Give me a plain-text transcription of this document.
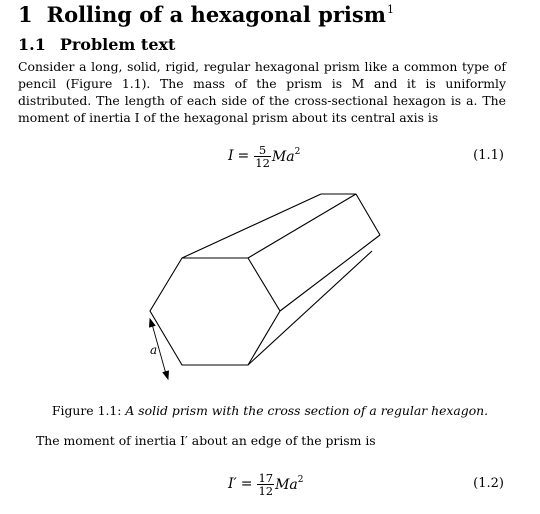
1 Rolling of a hexagonal prism$^1$
1.1 Problem text
Consider a long, solid, rigid, regular hexagonal prism like a common type of pencil (Figure 1.1). The mass of the prism is M and it is uniformly distributed. The length of each side of the cross-sectional hexagon is a. The moment of inertia I of the hexagonal prism about its central axis is
$I = \frac{5}{12} Ma^2$	(1.1)
a
Figure 1.1: A solid prism with the cross section of a regular hexagon.
The moment of inertia I′ about an edge of the prism is
$I' = \frac{17}{12} Ma^2$	(1.2)
